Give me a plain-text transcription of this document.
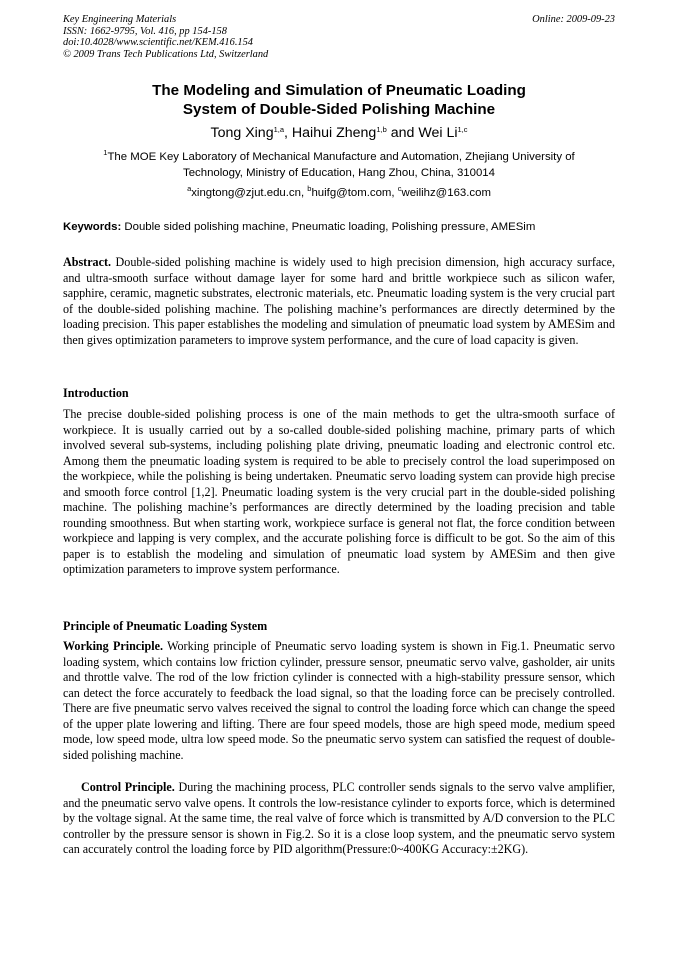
Key Engineering Materials
ISSN: 1662-9795, Vol. 416, pp 154-158
doi:10.4028/www.scientific.net/KEM.416.154
© 2009 Trans Tech Publications Ltd, Switzerland
Online: 2009-09-23
The Modeling and Simulation of Pneumatic Loading
System of Double-Sided Polishing Machine
Tong Xing$^{1,a}$, Haihui Zheng$^{1,b}$ and Wei Li$^{1,c}$
$^1$The MOE Key Laboratory of Mechanical Manufacture and Automation, Zhejiang University of
Technology, Ministry of Education, Hang Zhou, China, 310014
$^a$xingtong@zjut.edu.cn, $^b$huifg@tom.com, $^c$weilihz@163.com
Keywords: Double sided polishing machine, Pneumatic loading, Polishing pressure, AMESim
Abstract. Double-sided polishing machine is widely used to high precision dimension, high accuracy surface, and ultra-smooth surface without damage layer for some hard and brittle workpiece such as silicon wafer, sapphire, ceramic, magnetic substrates, electronic materials, etc. Pneumatic loading system is the very crucial part of the double-sided polishing machine. The polishing machine’s performances are directly determined by the loading precision. This paper establishes the modeling and simulation of pneumatic load system by AMESim and then gives optimization parameters to improve system performance, and the cure of load capacity is given.
Introduction
The precise double-sided polishing process is one of the main methods to get the ultra-smooth surface of workpiece. It is usually carried out by a so-called double-sided polishing machine, primary parts of which involved several sub-systems, including polishing plate driving, pneumatic loading and electronic control etc. Among them the pneumatic loading system is required to be able to precisely control the load superimposed on the workpiece, while the polishing is being undertaken. Pneumatic servo loading system can provide high precise and smooth force control [1,2]. Pneumatic loading system is the very crucial part in the double-sided polishing machine. The polishing machine’s performances are directly determined by the loading precision and table rounding smoothness. But when starting work, workpiece surface is general not flat, the force condition between workpiece and lapping is very complex, and the accurate polishing force is difficult to be got. So the aim of this paper is to establish the modeling and simulation of pneumatic load system by AMESim and then give optimization parameters to improve system performance.
Principle of Pneumatic Loading System
Working Principle. Working principle of Pneumatic servo loading system is shown in Fig.1. Pneumatic servo loading system, which contains low friction cylinder, pressure sensor, pneumatic servo valve, gasholder, air units and throttle valve. The rod of the low friction cylinder is connected with a high-stability pressure sensor, which can detect the force accurately to feedback the load signal, so that the loading force can be precisely controlled. There are five pneumatic servo valves received the signal to control the loading force which can change the speed of the upper plate lowering and lifting. There are four speed models, those are high speed mode, medium speed mode, low speed mode, ultra low speed mode. So the pneumatic servo system can satisfied the request of double-sided polishing machine.
Control Principle. During the machining process, PLC controller sends signals to the servo valve amplifier, and the pneumatic servo valve opens. It controls the low-resistance cylinder to exports force, which is determined by the voltage signal. At the same time, the real valve of force which is transmitted by A/D conversion to the PLC controller by the pressure sensor is shown in Fig.2. So it is a close loop system, and the pneumatic servo system can accurately control the loading force by PID algorithm(Pressure:0~400KG Accuracy:±2KG).
